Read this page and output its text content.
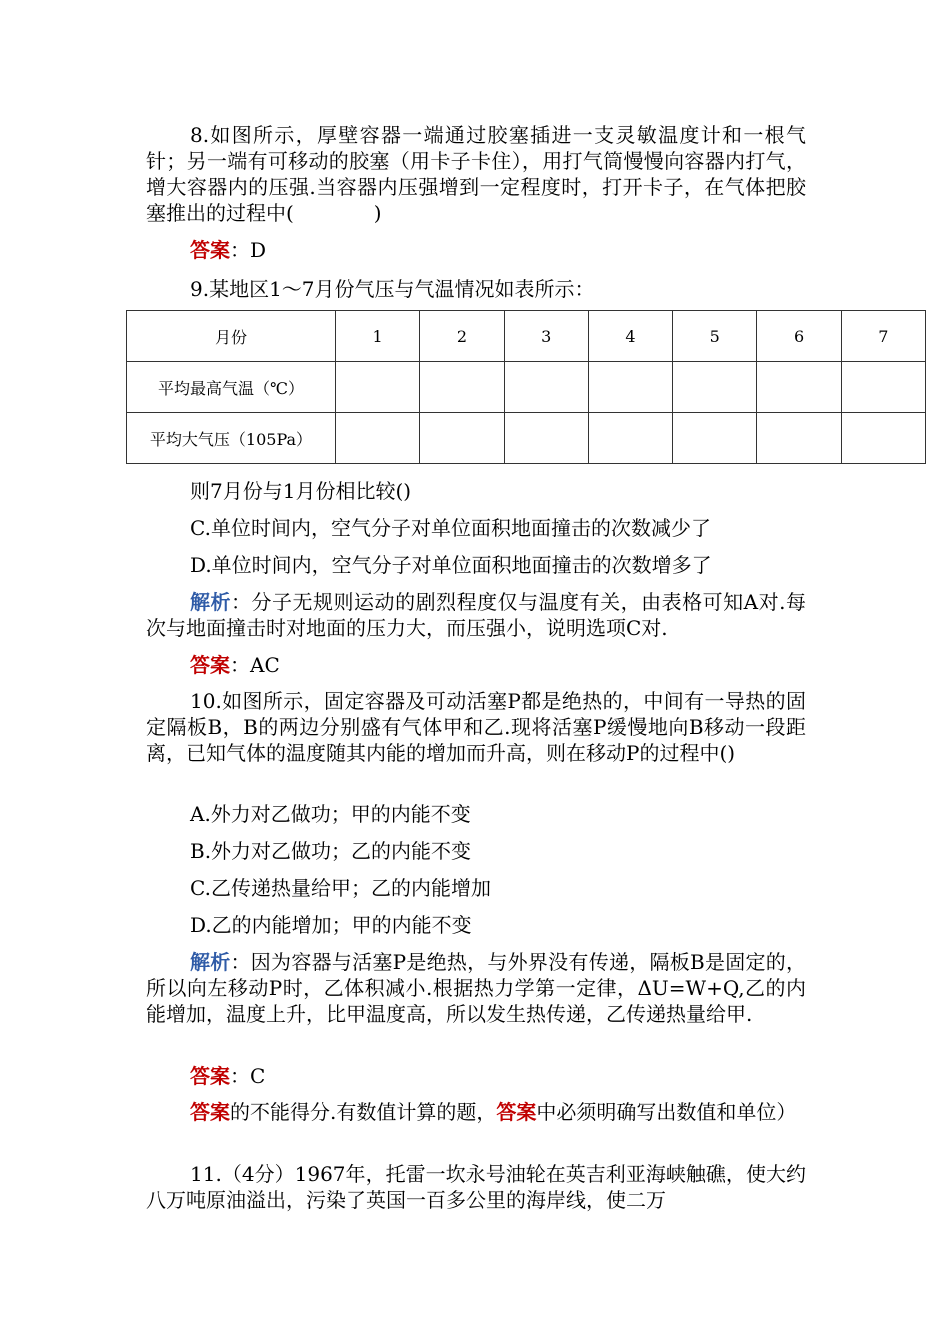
8.如图所示，厚壁容器一端通过胶塞插进一支灵敏温度计和一根气针；另一端有可移动的胶塞（用卡子卡住），用打气筒慢慢向容器内打气，增大容器内的压强.当容器内压强增到一定程度时，打开卡子，在气体把胶塞推出的过程中(　　　　)

答案：D

9.某地区1～7月份气压与气温情况如表所示：

月份	1	2	3	4	5	6	7
平均最高气温（℃）							
平均大气压（105Pa）							

则7月份与1月份相比较()

C.单位时间内，空气分子对单位面积地面撞击的次数减少了

D.单位时间内，空气分子对单位面积地面撞击的次数增多了

解析：分子无规则运动的剧烈程度仅与温度有关，由表格可知A对.每次与地面撞击时对地面的压力大，而压强小，说明选项C对.

答案：AC

10.如图所示，固定容器及可动活塞P都是绝热的，中间有一导热的固定隔板B，B的两边分别盛有气体甲和乙.现将活塞P缓慢地向B移动一段距离，已知气体的温度随其内能的增加而升高，则在移动P的过程中()

A.外力对乙做功；甲的内能不变

B.外力对乙做功；乙的内能不变

C.乙传递热量给甲；乙的内能增加

D.乙的内能增加；甲的内能不变

解析：因为容器与活塞P是绝热，与外界没有传递，隔板B是固定的，所以向左移动P时，乙体积减小.根据热力学第一定律，ΔU=W+Q,乙的内能增加，温度上升，比甲温度高，所以发生热传递，乙传递热量给甲.

答案：C

答案的不能得分.有数值计算的题，答案中必须明确写出数值和单位）

11.（4分）1967年，托雷一坎永号油轮在英吉利亚海峡触礁，使大约八万吨原油溢出，污染了英国一百多公里的海岸线，使二万
